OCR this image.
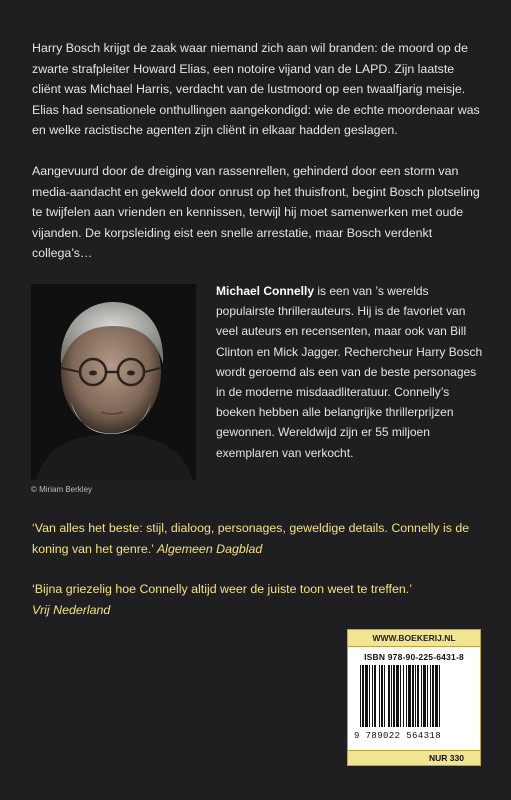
Harry Bosch krijgt de zaak waar niemand zich aan wil branden: de moord op de zwarte strafpleiter Howard Elias, een notoire vijand van de LAPD. Zijn laatste cliënt was Michael Harris, verdacht van de lustmoord op een twaalfjarig meisje. Elias had sensationele onthullingen aangekondigd: wie de echte moordenaar was en welke racistische agenten zijn cliënt in elkaar hadden geslagen.

Aangevuurd door de dreiging van rassenrellen, gehinderd door een storm van media-aandacht en gekweld door onrust op het thuisfront, begint Bosch plotseling te twijfelen aan vrienden en kennissen, terwijl hij moet samenwerken met oude vijanden. De korpsleiding eist een snelle arrestatie, maar Bosch verdenkt collega’s…

© Miriam Berkley

Michael Connelly is een van ’s werelds populairste thrillerauteurs. Hij is de favoriet van veel auteurs en recensenten, maar ook van Bill Clinton en Mick Jagger. Rechercheur Harry Bosch wordt geroemd als een van de beste personages in de moderne misdaadliteratuur. Connelly’s boeken hebben alle belangrijke thrillerprijzen gewonnen. Wereldwijd zijn er 55 miljoen exemplaren van verkocht.

‘Van alles het beste: stijl, dialoog, personages, geweldige details. Connelly is de koning van het genre.’ Algemeen Dagblad

‘Bijna griezelig hoe Connelly altijd weer de juiste toon weet te treffen.’
Vrij Nederland

WWW.BOEKERIJ.NL
ISBN 978-90-225-6431-8
9 789022 564318
NUR 330
